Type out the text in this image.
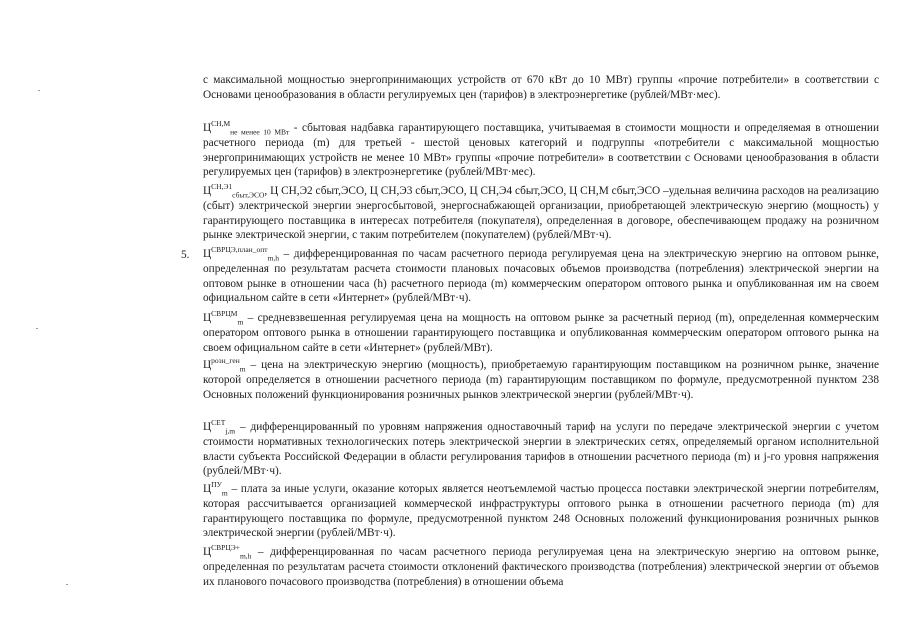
с максимальной мощностью энергопринимающих устройств от 670 кВт до 10 МВт) группы «прочие потребители» в соответствии с Основами ценообразования в области регулируемых цен (тарифов) в электроэнергетике (рублей/МВт·мес).

$Ц^{СН,М}_{не менее 10 МВт}$ - сбытовая надбавка гарантирующего поставщика, учитываемая в стоимости мощности и определяемая в отношении расчетного периода (m) для третьей - шестой ценовых категорий и подгруппы «потребители с максимальной мощностью энергопринимающих устройств не менее 10 МВт» группы «прочие потребители» в соответствии с Основами ценообразования в области регулируемых цен (тарифов) в электроэнергетике (рублей/МВт·мес).

$Ц^{СН,Э1}_{сбыт,ЭСО}$, Ц СН,Э2 сбыт,ЭСО, Ц СН,Э3 сбыт,ЭСО, Ц СН,Э4 сбыт,ЭСО, Ц СН,М сбыт,ЭСО –удельная величина расходов на реализацию (сбыт) электрической энергии энергосбытовой, энергоснабжающей организации, приобретающей электрическую энергию (мощность) у гарантирующего поставщика в интересах потребителя (покупателя), определенная в договоре, обеспечивающем продажу на розничном рынке электрической энергии, с таким потребителем (покупателем) (рублей/МВт·ч).

5. $Ц^{СВРЦЭ,план\_опт}_{m,h}$ – дифференцированная по часам расчетного периода регулируемая цена на электрическую энергию на оптовом рынке, определенная по результатам расчета стоимости плановых почасовых объемов производства (потребления) электрической энергии на оптовом рынке в отношении часа (h) расчетного периода (m) коммерческим оператором оптового рынка и опубликованная им на своем официальном сайте в сети «Интернет» (рублей/МВт·ч).

$Ц^{СВРЦМ}_m$ – средневзвешенная регулируемая цена на мощность на оптовом рынке за расчетный период (m), определенная коммерческим оператором оптового рынка в отношении гарантирующего поставщика и опубликованная коммерческим оператором оптового рынка на своем официальном сайте в сети «Интернет» (рублей/МВт).

$Ц^{розн\_ген}_m$ – цена на электрическую энергию (мощность), приобретаемую гарантирующим поставщиком на розничном рынке, значение которой определяется в отношении расчетного периода (m) гарантирующим поставщиком по формуле, предусмотренной пунктом 238 Основных положений функционирования розничных рынков электрической энергии (рублей/МВт·ч).

$Ц^{СЕТ}_{j,m}$ – дифференцированный по уровням напряжения одноставочный тариф на услуги по передаче электрической энергии с учетом стоимости нормативных технологических потерь электрической энергии в электрических сетях, определяемый органом исполнительной власти субъекта Российской Федерации в области регулирования тарифов в отношении расчетного периода (m) и j-го уровня напряжения (рублей/МВт·ч).

$Ц^{ПУ}_m$ – плата за иные услуги, оказание которых является неотъемлемой частью процесса поставки электрической энергии потребителям, которая рассчитывается организацией коммерческой инфраструктуры оптового рынка в отношении расчетного периода (m) для гарантирующего поставщика по формуле, предусмотренной пунктом 248 Основных положений функционирования розничных рынков электрической энергии (рублей/МВт·ч).

$Ц^{СВРЦЭ+}_{m,h}$ – дифференцированная по часам расчетного периода регулируемая цена на электрическую энергию на оптовом рынке, определенная по результатам расчета стоимости отклонений фактического производства (потребления) электрической энергии от объемов их планового почасового производства (потребления) в отношении объема
